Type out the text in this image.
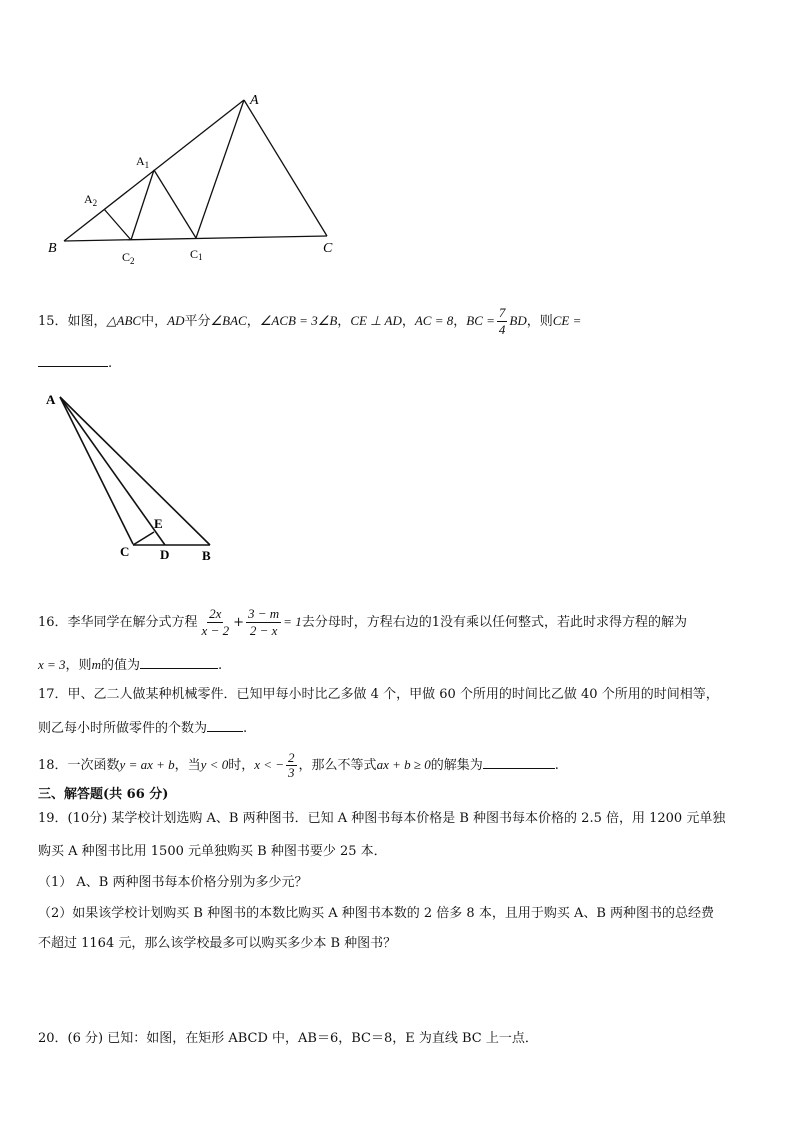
A
$A_1$
$A_2$
B	C
C1
$C_2$
15．如图，△ABC中，AD平分∠BAC，∠ACB = 3∠B，CE ⊥ AD，AC = 8，BC = $\frac{7}{4}$ BD，则CE =
.
A
E
C D	B
16．李华同学在解分式方程 $\frac{2x}{x - 2} + \frac{3 - m}{2 - x} = 1$去分母时，方程右边的1没有乘以任何整式，若此时求得方程的解为
x = 3，则m的值为	.
17．甲、乙二人做某种机械零件．已知甲每小时比乙多做 4 个，甲做 60 个所用的时间比乙做 40 个所用的时间相等，
则乙每小时所做零件的个数为	.
18．一次函数y = ax + b，当y < 0时，x < − $\frac{2}{3}$ ，那么不等式ax + b ≥ 0的解集为	.
三、解答题(共 66 分)
19．(10分) 某学校计划选购 A、B 两种图书．已知 A 种图书每本价格是 B 种图书每本价格的 2.5 倍，用 1200 元单独
购买 A 种图书比用 1500 元单独购买 B 种图书要少 25 本．
（1） A、B 两种图书每本价格分别为多少元？
（2）如果该学校计划购买 B 种图书的本数比购买 A 种图书本数的 2 倍多 8 本，且用于购买 A、B 两种图书的总经费
不超过 1164 元，那么该学校最多可以购买多少本 B 种图书？
20．(6 分) 已知：如图，在矩形 ABCD 中，AB＝6，BC＝8，E 为直线 BC 上一点．
